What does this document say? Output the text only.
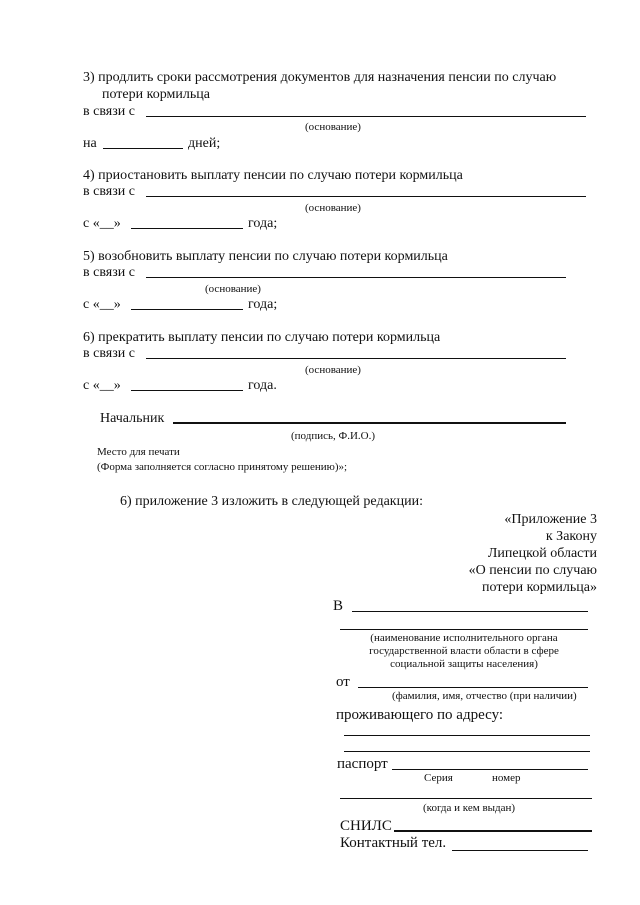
3) продлить сроки рассмотрения документов для назначения пенсии по случаю
потери кормильца
в связи с
(основание)
на	дней;
4) приостановить выплату пенсии по случаю потери кормильца
в связи с
(основание)
с «__»	года;
5) возобновить выплату пенсии по случаю потери кормильца
в связи с
(основание)
с «__»	года;
6) прекратить выплату пенсии по случаю потери кормильца
в связи с
(основание)
с «__»	года.
Начальник
(подпись, Ф.И.О.)
Место для печати
(Форма заполняется согласно принятому решению)»;
6) приложение 3 изложить в следующей редакции:
«Приложение 3
к Закону
Липецкой области
«О пенсии по случаю
потери кормильца»
В
(наименование исполнительного органа
государственной власти области в сфере
социальной защиты населения)
от
(фамилия, имя, отчество (при наличии)
проживающего по адресу:
паспорт
Серия	номер
(когда и кем выдан)
СНИЛС
Контактный тел.
